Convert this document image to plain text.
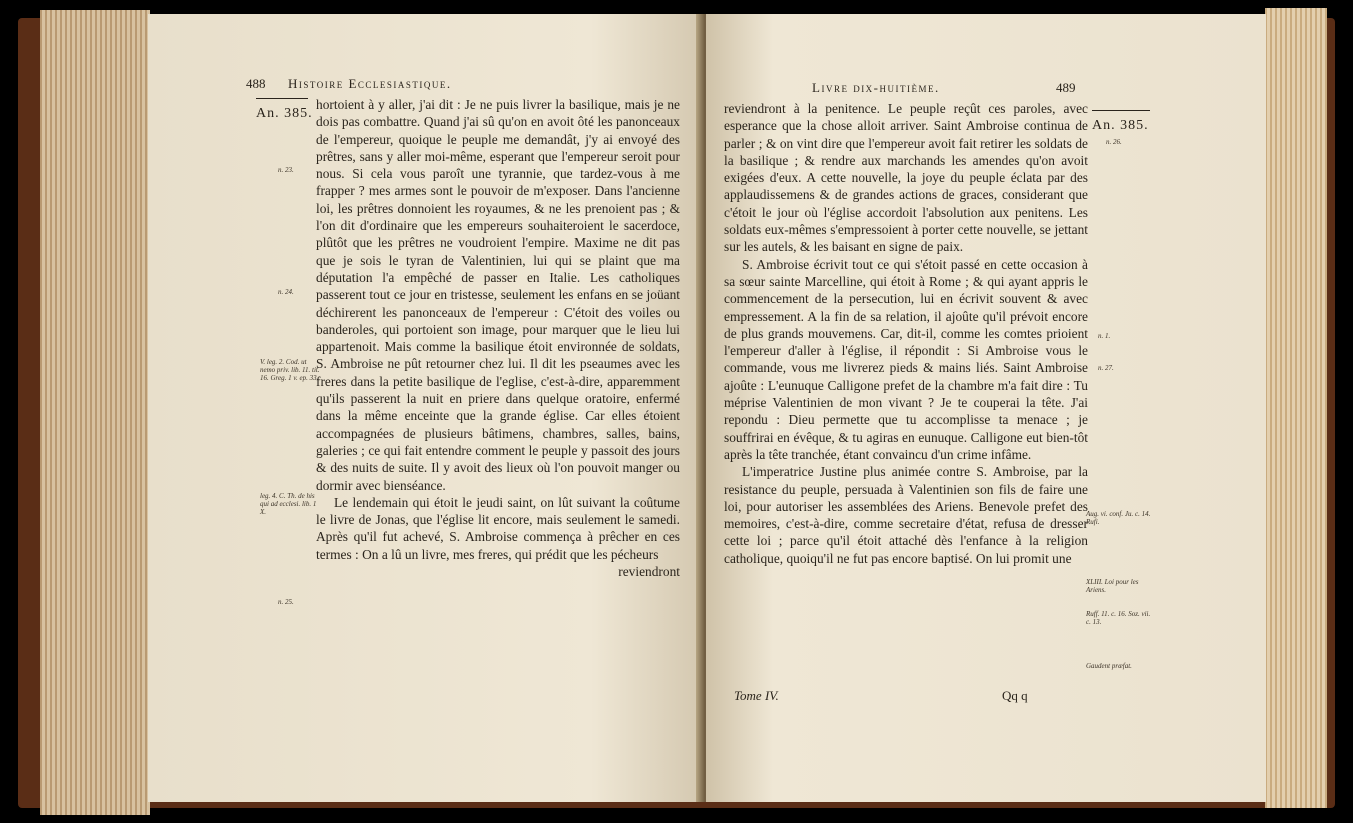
488 Histoire Ecclesiastique.
An. 385.
n. 23.
n. 24.
V. leg. 2. Cod. ut nemo priv. lib. 11. tit. 16. Greg. 1 v. ep. 33.
leg. 4. C. Th. de his qui ad ecclesi. lib. 1 X.
n. 25.

hortoient à y aller, j'ai dit : Je ne puis livrer la basilique, mais je ne dois pas combattre. Quand j'ai sû qu'on en avoit ôté les panonceaux de l'empereur, quoique le peuple me demandât, j'y ai envoyé des prêtres, sans y aller moi-même, esperant que l'empereur seroit pour nous. Si cela vous paroît une tyrannie, que tardez-vous à me frapper ? mes armes sont le pouvoir de m'exposer. Dans l'ancienne loi, les prêtres donnoient les royaumes, & ne les prenoient pas ; & l'on dit d'ordinaire que les empereurs souhaiteroient le sacerdoce, plûtôt que les prêtres ne voudroient l'empire. Maxime ne dit pas que je sois le tyran de Valentinien, lui qui se plaint que ma députation l'a empêché de passer en Italie. Les catholiques passerent tout ce jour en tristesse, seulement les enfans en se joüant déchirerent les panonceaux de l'empereur : C'étoit des voiles ou banderoles, qui portoient son image, pour marquer que le lieu lui appartenoit. Mais comme la basilique étoit environnée de soldats, S. Ambroise ne pût retourner chez lui. Il dit les pseaumes avec les freres dans la petite basilique de l'eglise, c'est-à-dire, apparemment qu'ils passerent la nuit en priere dans quelque oratoire, enfermé dans la même enceinte que la grande église. Car elles étoient accompagnées de plusieurs bâtimens, chambres, salles, bains, galeries ; ce qui fait entendre comment le peuple y passoit des jours & des nuits de suite. Il y avoit des lieux où l'on pouvoit manger ou dormir avec bienséance.

Le lendemain qui étoit le jeudi saint, on lût suivant la coûtume le livre de Jonas, que l'église lit encore, mais seulement le samedi. Après qu'il fut achevé, S. Ambroise commença à prêcher en ces termes : On a lû un livre, mes freres, qui prédit que les pécheurs

reviendront

Livre dix-huitième.	489

reviendront à la penitence. Le peuple reçût ces paroles, avec esperance que la chose alloit arriver. Saint Ambroise continua de parler ; & on vint dire que l'empereur avoit fait retirer les soldats de la basilique ; & rendre aux marchands les amendes qu'on avoit exigées d'eux. A cette nouvelle, la joye du peuple éclata par des applaudissemens & de grandes actions de graces, considerant que c'étoit le jour où l'église accordoit l'absolution aux penitens. Les soldats eux-mêmes s'empressoient à porter cette nouvelle, se jettant sur les autels, & les baisant en signe de paix.

S. Ambroise écrivit tout ce qui s'étoit passé en cette occasion à sa sœur sainte Marcelline, qui étoit à Rome ; & qui ayant appris le commencement de la persecution, lui en écrivit souvent & avec empressement. A la fin de sa relation, il ajoûte qu'il prévoit encore de plus grands mouvemens. Car, dit-il, comme les comtes prioient l'empereur d'aller à l'église, il répondit : Si Ambroise vous le commande, vous me livrerez pieds & mains liés. Saint Ambroise ajoûte : L'eunuque Calligone prefet de la chambre m'a fait dire : Tu méprise Valentinien de mon vivant ? Je te couperai la tête. J'ai repondu : Dieu permette que tu accomplisse ta menace ; je souffrirai en évêque, & tu agiras en eunuque. Calligone eut bien-tôt après la tête tranchée, étant convaincu d'un crime infâme.

L'imperatrice Justine plus animée contre S. Ambroise, par la resistance du peuple, persuada à Valentinien son fils de faire une loi, pour autoriser les assemblées des Ariens. Benevole prefet des memoires, c'est-à-dire, comme secretaire d'état, refusa de dresser cette loi ; parce qu'il étoit attaché dès l'enfance à la religion catholique, quoiqu'il ne fut pas encore baptisé. On lui promit une

Tome IV.	Qq q
An. 385.
n. 26.
n. 1.
n. 27.
Aug. vi. conf. Ju. c. 14. Rufi.
XLIII. Loi pour les Ariens.
Ruff. 11. c. 16. Soz. vii. c. 13.
Gaudent præfat.
